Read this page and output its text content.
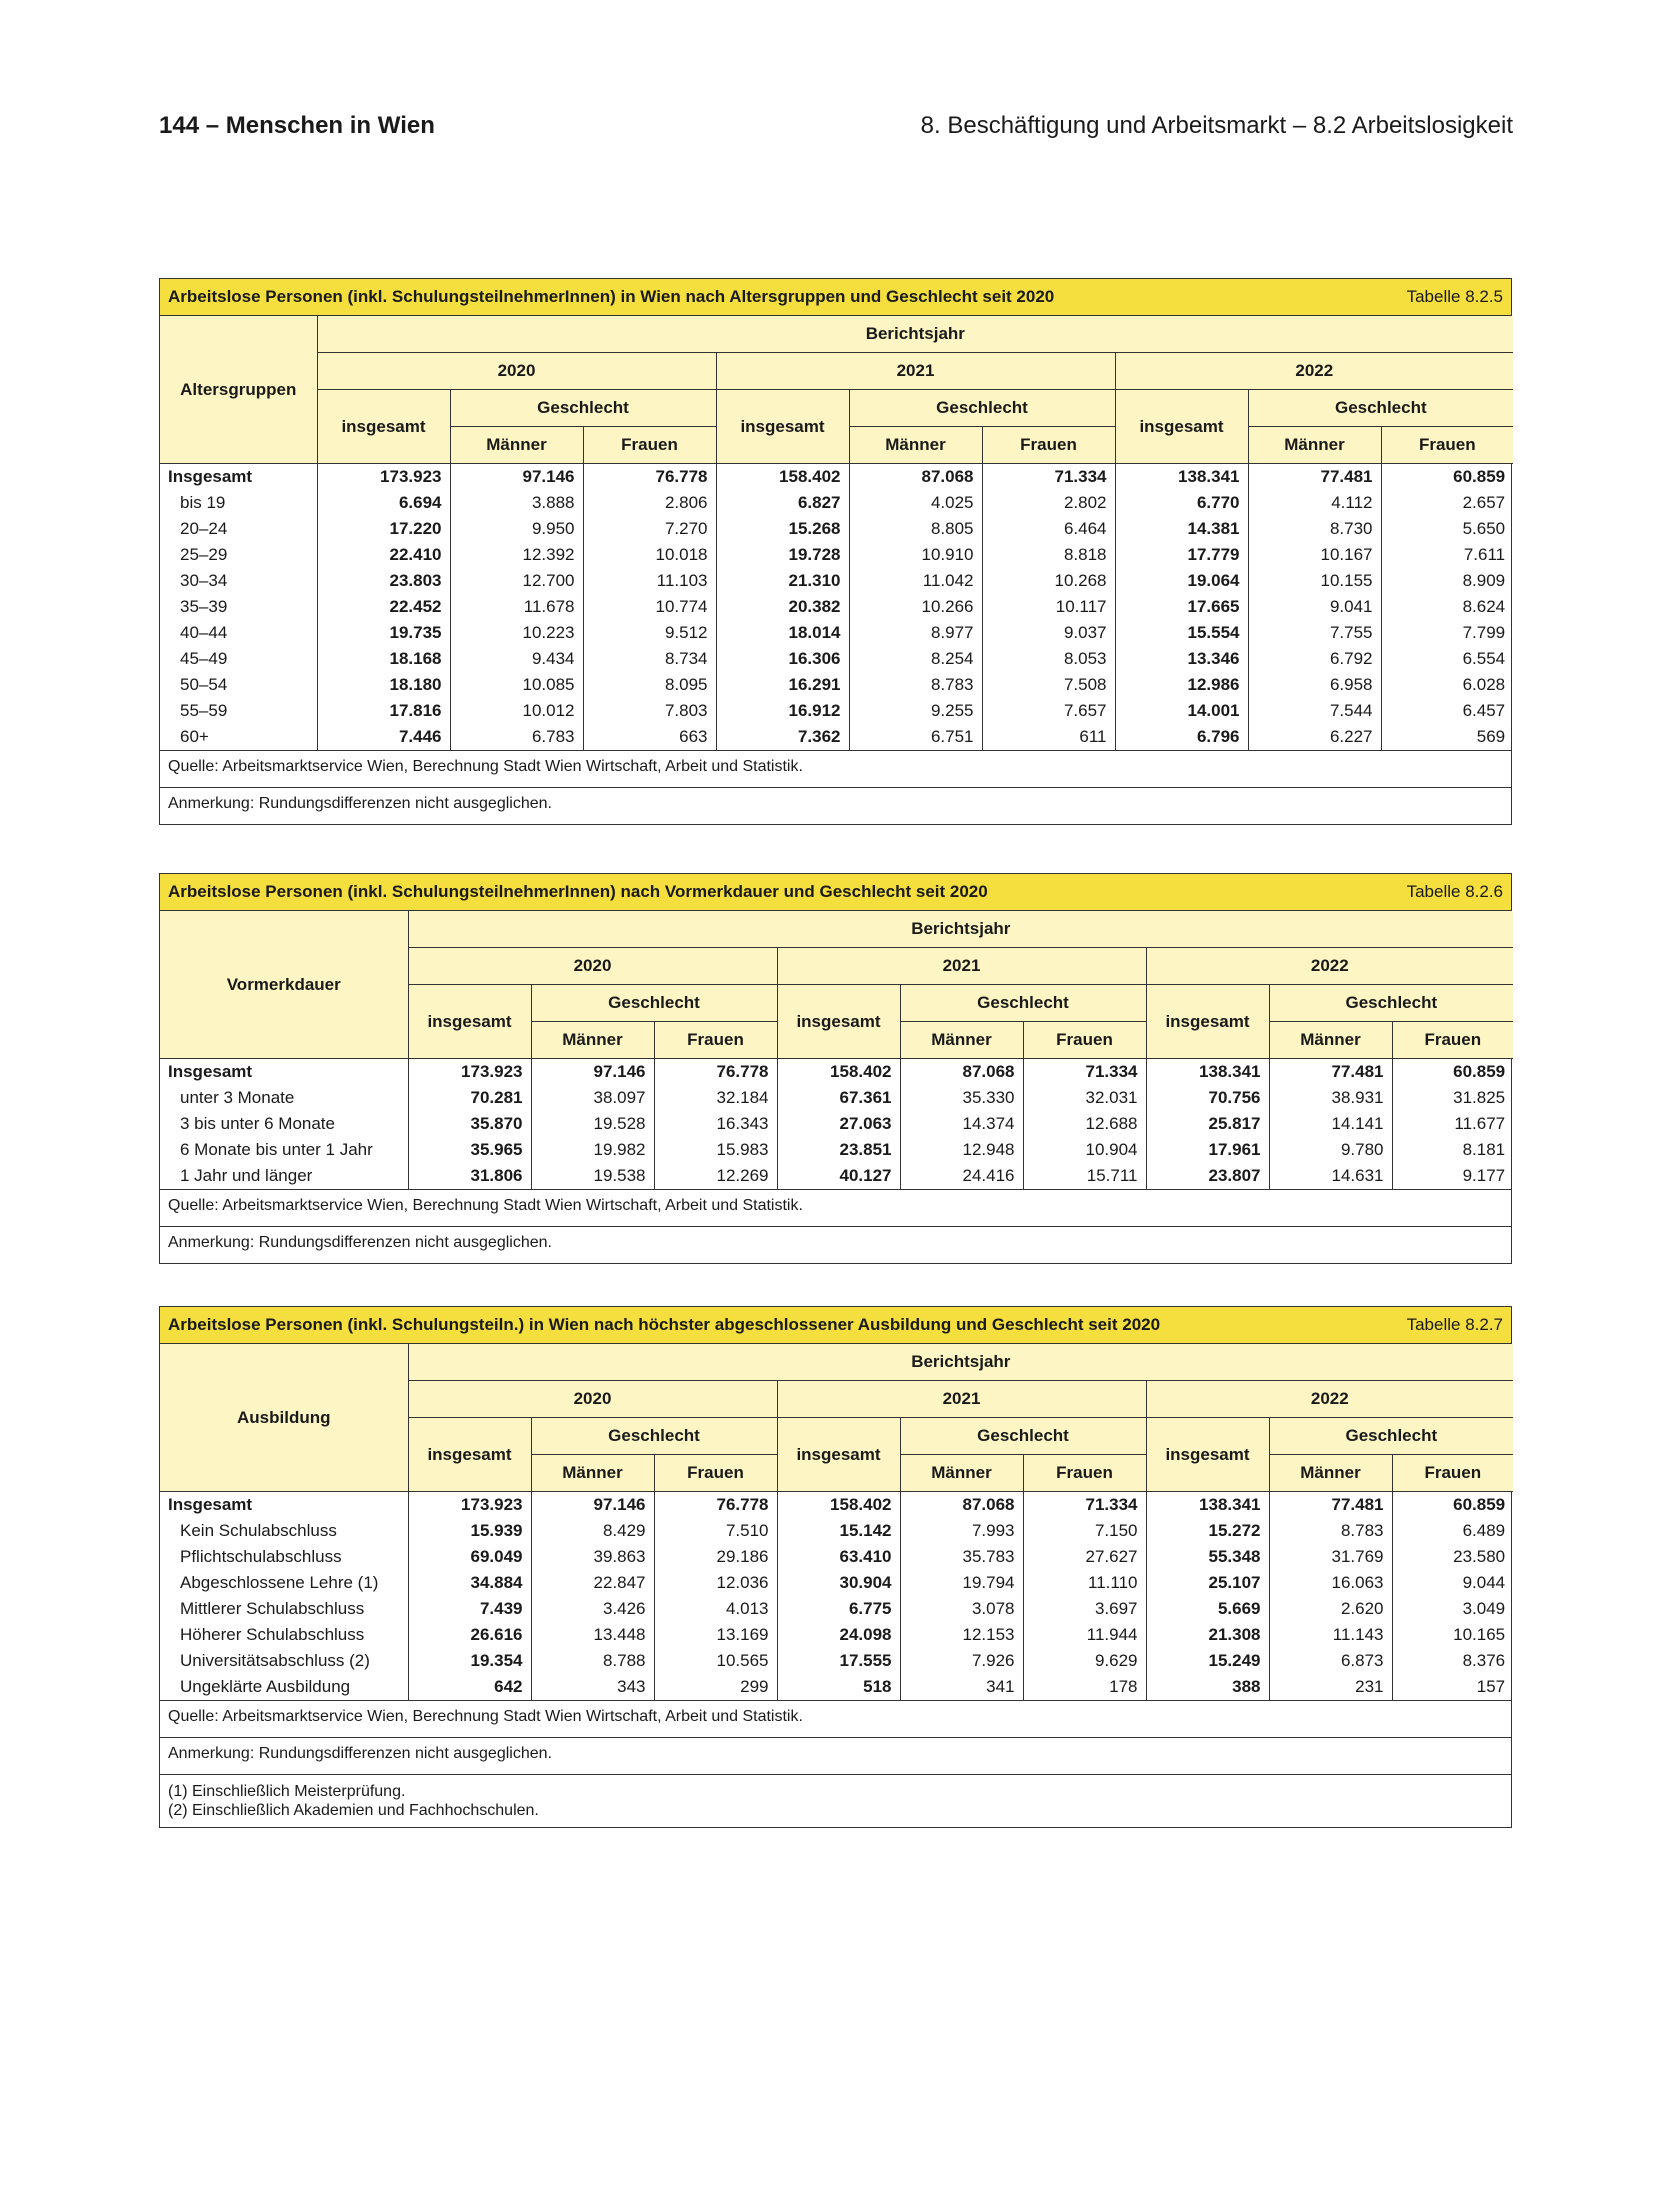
144 – Menschen in Wien	8. Beschäftigung und Arbeitsmarkt – 8.2 Arbeitslosigkeit
Arbeitslose Personen (inkl. SchulungsteilnehmerInnen) in Wien nach Altersgruppen und Geschlecht seit 2020	Tabelle 8.2.5
Altersgruppen	Berichtsjahr								
	2020			2021			2022		
	insgesamt	Geschlecht		insgesamt	Geschlecht		insgesamt	Geschlecht	
		Männer	Frauen		Männer	Frauen		Männer	Frauen
Insgesamt	173.923	97.146	76.778	158.402	87.068	71.334	138.341	77.481	60.859
bis 19	6.694	3.888	2.806	6.827	4.025	2.802	6.770	4.112	2.657
20–24	17.220	9.950	7.270	15.268	8.805	6.464	14.381	8.730	5.650
25–29	22.410	12.392	10.018	19.728	10.910	8.818	17.779	10.167	7.611
30–34	23.803	12.700	11.103	21.310	11.042	10.268	19.064	10.155	8.909
35–39	22.452	11.678	10.774	20.382	10.266	10.117	17.665	9.041	8.624
40–44	19.735	10.223	9.512	18.014	8.977	9.037	15.554	7.755	7.799
45–49	18.168	9.434	8.734	16.306	8.254	8.053	13.346	6.792	6.554
50–54	18.180	10.085	8.095	16.291	8.783	7.508	12.986	6.958	6.028
55–59	17.816	10.012	7.803	16.912	9.255	7.657	14.001	7.544	6.457
60+	7.446	6.783	663	7.362	6.751	611	6.796	6.227	569
Quelle: Arbeitsmarktservice Wien, Berechnung Stadt Wien Wirtschaft, Arbeit und Statistik.
Anmerkung: Rundungsdifferenzen nicht ausgeglichen.
Arbeitslose Personen (inkl. SchulungsteilnehmerInnen) nach Vormerkdauer und Geschlecht seit 2020	Tabelle 8.2.6
Vormerkdauer	Berichtsjahr								
	2020			2021			2022		
	insgesamt	Geschlecht		insgesamt	Geschlecht		insgesamt	Geschlecht	
		Männer	Frauen		Männer	Frauen		Männer	Frauen
Insgesamt	173.923	97.146	76.778	158.402	87.068	71.334	138.341	77.481	60.859
unter 3 Monate	70.281	38.097	32.184	67.361	35.330	32.031	70.756	38.931	31.825
3 bis unter 6 Monate	35.870	19.528	16.343	27.063	14.374	12.688	25.817	14.141	11.677
6 Monate bis unter 1 Jahr	35.965	19.982	15.983	23.851	12.948	10.904	17.961	9.780	8.181
1 Jahr und länger	31.806	19.538	12.269	40.127	24.416	15.711	23.807	14.631	9.177
Quelle: Arbeitsmarktservice Wien, Berechnung Stadt Wien Wirtschaft, Arbeit und Statistik.
Anmerkung: Rundungsdifferenzen nicht ausgeglichen.
Arbeitslose Personen (inkl. Schulungsteiln.) in Wien nach höchster abgeschlossener Ausbildung und Geschlecht seit 2020	Tabelle 8.2.7
Ausbildung	Berichtsjahr								
	2020			2021			2022		
	insgesamt	Geschlecht		insgesamt	Geschlecht		insgesamt	Geschlecht	
		Männer	Frauen		Männer	Frauen		Männer	Frauen
Insgesamt	173.923	97.146	76.778	158.402	87.068	71.334	138.341	77.481	60.859
Kein Schulabschluss	15.939	8.429	7.510	15.142	7.993	7.150	15.272	8.783	6.489
Pflichtschulabschluss	69.049	39.863	29.186	63.410	35.783	27.627	55.348	31.769	23.580
Abgeschlossene Lehre (1)	34.884	22.847	12.036	30.904	19.794	11.110	25.107	16.063	9.044
Mittlerer Schulabschluss	7.439	3.426	4.013	6.775	3.078	3.697	5.669	2.620	3.049
Höherer Schulabschluss	26.616	13.448	13.169	24.098	12.153	11.944	21.308	11.143	10.165
Universitätsabschluss (2)	19.354	8.788	10.565	17.555	7.926	9.629	15.249	6.873	8.376
Ungeklärte Ausbildung	642	343	299	518	341	178	388	231	157
Quelle: Arbeitsmarktservice Wien, Berechnung Stadt Wien Wirtschaft, Arbeit und Statistik.
Anmerkung: Rundungsdifferenzen nicht ausgeglichen.
(1) Einschließlich Meisterprüfung.
(2) Einschließlich Akademien und Fachhochschulen.
